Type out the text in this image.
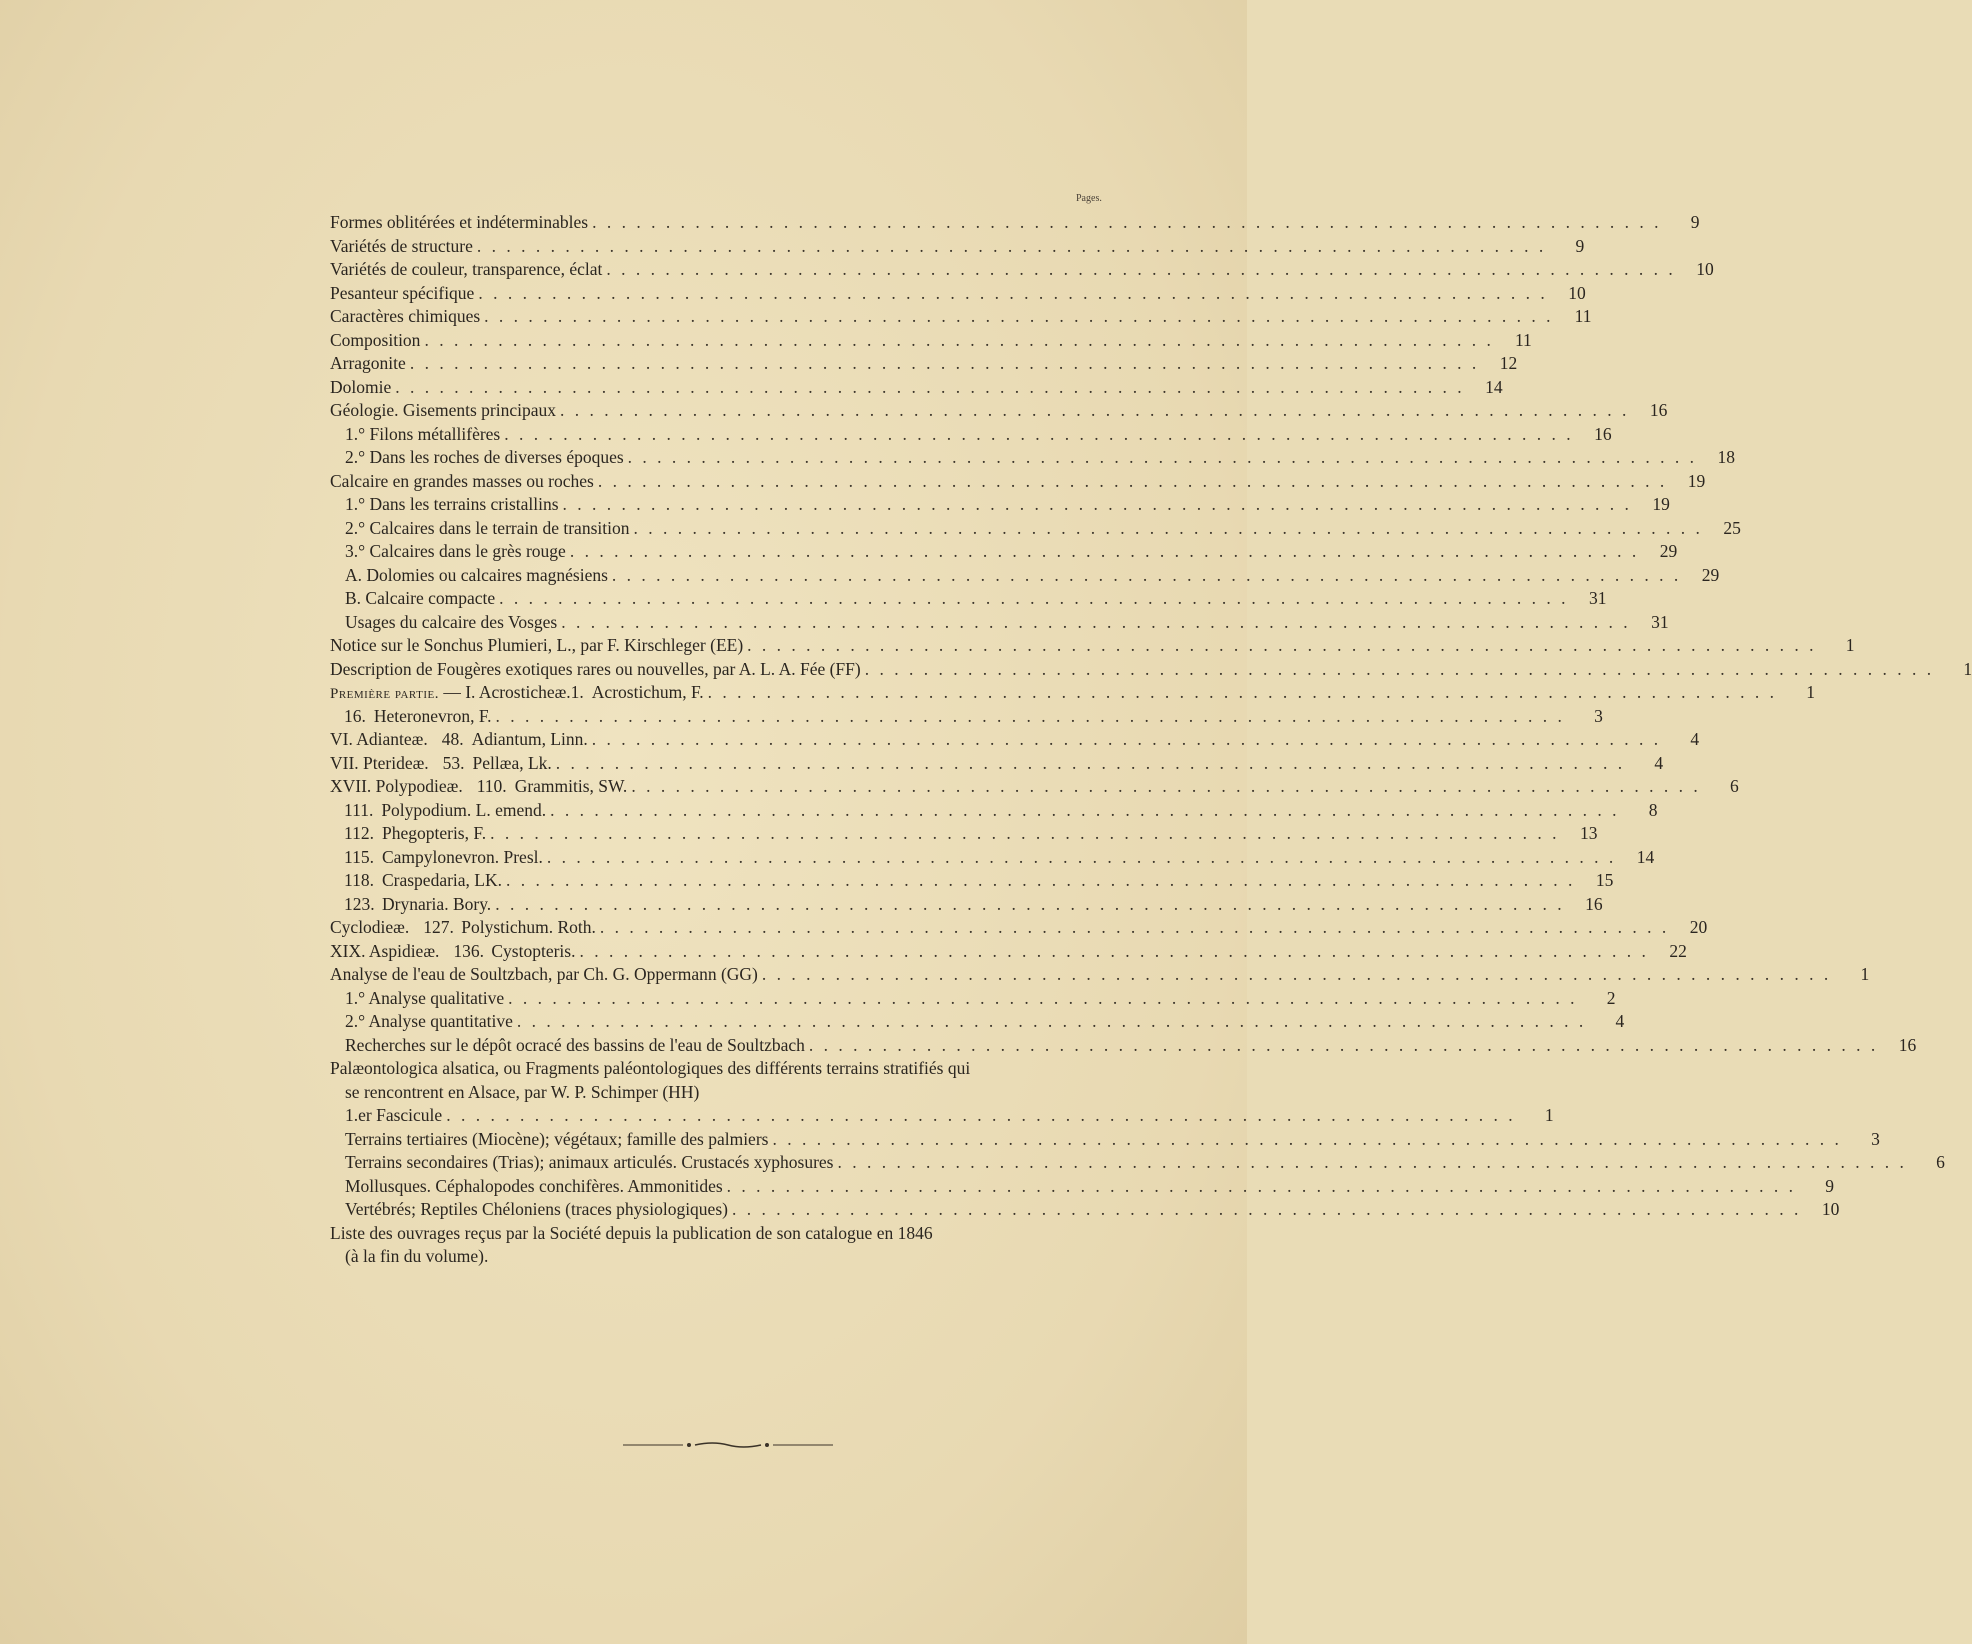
Pages.
Formes oblitérées et indéterminables . . . . . . . . . . . . . . . . . . . . . . . . . . . . . . . . . . . . . . . . . . . . . . . . . . . . . . . . . . . . . . . . . . . . . . . . .	9
Variétés de structure . . . . . . . . . . . . . . . . . . . . . . . . . . . . . . . . . . . . . . . . . . . . . . . . . . . . . . . . . . . . . . . . . . . . . . . . .	9
Variétés de couleur, transparence, éclat . . . . . . . . . . . . . . . . . . . . . . . . . . . . . . . . . . . . . . . . . . . . . . . . . . . . . . . . . . . . . . . . . . . . . . . . .	10
Pesanteur spécifique . . . . . . . . . . . . . . . . . . . . . . . . . . . . . . . . . . . . . . . . . . . . . . . . . . . . . . . . . . . . . . . . . . . . . . . . .	10
Caractères chimiques . . . . . . . . . . . . . . . . . . . . . . . . . . . . . . . . . . . . . . . . . . . . . . . . . . . . . . . . . . . . . . . . . . . . . . . . .	11
Composition . . . . . . . . . . . . . . . . . . . . . . . . . . . . . . . . . . . . . . . . . . . . . . . . . . . . . . . . . . . . . . . . . . . . . . . . .	11
Arragonite . . . . . . . . . . . . . . . . . . . . . . . . . . . . . . . . . . . . . . . . . . . . . . . . . . . . . . . . . . . . . . . . . . . . . . . . .	12
Dolomie . . . . . . . . . . . . . . . . . . . . . . . . . . . . . . . . . . . . . . . . . . . . . . . . . . . . . . . . . . . . . . . . . . . . . . . . .	14
Géologie. Gisements principaux . . . . . . . . . . . . . . . . . . . . . . . . . . . . . . . . . . . . . . . . . . . . . . . . . . . . . . . . . . . . . . . . . . . . . . . . .	16
1.° Filons métallifères . . . . . . . . . . . . . . . . . . . . . . . . . . . . . . . . . . . . . . . . . . . . . . . . . . . . . . . . . . . . . . . . . . . . . . . . .	16
2.° Dans les roches de diverses époques . . . . . . . . . . . . . . . . . . . . . . . . . . . . . . . . . . . . . . . . . . . . . . . . . . . . . . . . . . . . . . . . . . . . . . . . .	18
Calcaire en grandes masses ou roches . . . . . . . . . . . . . . . . . . . . . . . . . . . . . . . . . . . . . . . . . . . . . . . . . . . . . . . . . . . . . . . . . . . . . . . . .	19
1.° Dans les terrains cristallins . . . . . . . . . . . . . . . . . . . . . . . . . . . . . . . . . . . . . . . . . . . . . . . . . . . . . . . . . . . . . . . . . . . . . . . . .	19
2.° Calcaires dans le terrain de transition . . . . . . . . . . . . . . . . . . . . . . . . . . . . . . . . . . . . . . . . . . . . . . . . . . . . . . . . . . . . . . . . . . . . . . . . .	25
3.° Calcaires dans le grès rouge . . . . . . . . . . . . . . . . . . . . . . . . . . . . . . . . . . . . . . . . . . . . . . . . . . . . . . . . . . . . . . . . . . . . . . . . .	29
A. Dolomies ou calcaires magnésiens . . . . . . . . . . . . . . . . . . . . . . . . . . . . . . . . . . . . . . . . . . . . . . . . . . . . . . . . . . . . . . . . . . . . . . . . .	29
B. Calcaire compacte . . . . . . . . . . . . . . . . . . . . . . . . . . . . . . . . . . . . . . . . . . . . . . . . . . . . . . . . . . . . . . . . . . . . . . . . .	31
Usages du calcaire des Vosges . . . . . . . . . . . . . . . . . . . . . . . . . . . . . . . . . . . . . . . . . . . . . . . . . . . . . . . . . . . . . . . . . . . . . . . . .	31
Notice sur le Sonchus Plumieri, L., par F. Kirschleger (EE) . . . . . . . . . . . . . . . . . . . . . . . . . . . . . . . . . . . . . . . . . . . . . . . . . . . . . . . . . . . . . . . . . . . . . . . . .	1
Description de Fougères exotiques rares ou nouvelles, par A. L. A. Fée (FF) . . . . . . . . . . . . . . . . . . . . . . . . . . . . . . . . . . . . . . . . . . . . . . . . . . . . . . . . . . . . . . . . . . . . . . . . .	1
Première partie. — I. Acrostichеæ. 1. Acrostichum, F. . . . . . . . . . . . . . . . . . . . . . . . . . . . . . . . . . . . . . . . . . . . . . . . . . . . . . . . . . . . . . . . . . . . . . . . . .	1
16. Heteronevron, F. . . . . . . . . . . . . . . . . . . . . . . . . . . . . . . . . . . . . . . . . . . . . . . . . . . . . . . . . . . . . . . . . . . . . . . . . .	3
VI. Adianteæ. 48. Adiantum, Linn. . . . . . . . . . . . . . . . . . . . . . . . . . . . . . . . . . . . . . . . . . . . . . . . . . . . . . . . . . . . . . . . . . . . . . . . . .	4
VII. Pterideæ. 53. Pellæa, Lk. . . . . . . . . . . . . . . . . . . . . . . . . . . . . . . . . . . . . . . . . . . . . . . . . . . . . . . . . . . . . . . . . . . . . . . . . .	4
XVII. Polypodieæ. 110. Grammitis, SW. . . . . . . . . . . . . . . . . . . . . . . . . . . . . . . . . . . . . . . . . . . . . . . . . . . . . . . . . . . . . . . . . . . . . . . . . .	6
111. Polypodium. L. emend. . . . . . . . . . . . . . . . . . . . . . . . . . . . . . . . . . . . . . . . . . . . . . . . . . . . . . . . . . . . . . . . . . . . . . . . . .	8
112. Phegopteris, F. . . . . . . . . . . . . . . . . . . . . . . . . . . . . . . . . . . . . . . . . . . . . . . . . . . . . . . . . . . . . . . . . . . . . . . . . .	13
115. Campylonevron. Presl. . . . . . . . . . . . . . . . . . . . . . . . . . . . . . . . . . . . . . . . . . . . . . . . . . . . . . . . . . . . . . . . . . . . . . . . . .	14
118. Craspedaria, LK. . . . . . . . . . . . . . . . . . . . . . . . . . . . . . . . . . . . . . . . . . . . . . . . . . . . . . . . . . . . . . . . . . . . . . . . . .	15
123. Drynaria. Bory. . . . . . . . . . . . . . . . . . . . . . . . . . . . . . . . . . . . . . . . . . . . . . . . . . . . . . . . . . . . . . . . . . . . . . . . . .	16
Cyclodieæ. 127. Polystichum. Roth. . . . . . . . . . . . . . . . . . . . . . . . . . . . . . . . . . . . . . . . . . . . . . . . . . . . . . . . . . . . . . . . . . . . . . . . . .	20
XIX. Aspidieæ. 136. Cystopteris. . . . . . . . . . . . . . . . . . . . . . . . . . . . . . . . . . . . . . . . . . . . . . . . . . . . . . . . . . . . . . . . . . . . . . . . . .	22
Analyse de l'eau de Soultzbach, par Ch. G. Oppermann (GG) . . . . . . . . . . . . . . . . . . . . . . . . . . . . . . . . . . . . . . . . . . . . . . . . . . . . . . . . . . . . . . . . . . . . . . . . .	1
1.° Analyse qualitative . . . . . . . . . . . . . . . . . . . . . . . . . . . . . . . . . . . . . . . . . . . . . . . . . . . . . . . . . . . . . . . . . . . . . . . . .	2
2.° Analyse quantitative . . . . . . . . . . . . . . . . . . . . . . . . . . . . . . . . . . . . . . . . . . . . . . . . . . . . . . . . . . . . . . . . . . . . . . . . .	4
Recherches sur le dépôt ocracé des bassins de l'eau de Soultzbach . . . . . . . . . . . . . . . . . . . . . . . . . . . . . . . . . . . . . . . . . . . . . . . . . . . . . . . . . . . . . . . . . . . . . . . . .	16
Palæontologica alsatica, ou Fragments paléontologiques des différents terrains stratifiés qui
se rencontrent en Alsace, par W. P. Schimper (HH)
1.er Fascicule . . . . . . . . . . . . . . . . . . . . . . . . . . . . . . . . . . . . . . . . . . . . . . . . . . . . . . . . . . . . . . . . . . . . . . . . .	1
Terrains tertiaires (Miocène); végétaux; famille des palmiers . . . . . . . . . . . . . . . . . . . . . . . . . . . . . . . . . . . . . . . . . . . . . . . . . . . . . . . . . . . . . . . . . . . . . . . . .	3
Terrains secondaires (Trias); animaux articulés. Crustacés xyphosures . . . . . . . . . . . . . . . . . . . . . . . . . . . . . . . . . . . . . . . . . . . . . . . . . . . . . . . . . . . . . . . . . . . . . . . . .	6
Mollusques. Céphalopodes conchifères. Ammonitides . . . . . . . . . . . . . . . . . . . . . . . . . . . . . . . . . . . . . . . . . . . . . . . . . . . . . . . . . . . . . . . . . . . . . . . . .	9
Vertébrés; Reptiles Chéloniens (traces physiologiques) . . . . . . . . . . . . . . . . . . . . . . . . . . . . . . . . . . . . . . . . . . . . . . . . . . . . . . . . . . . . . . . . . . . . . . . . .	10
Liste des ouvrages reçus par la Société depuis la publication de son catalogue en 1846
(à la fin du volume).
